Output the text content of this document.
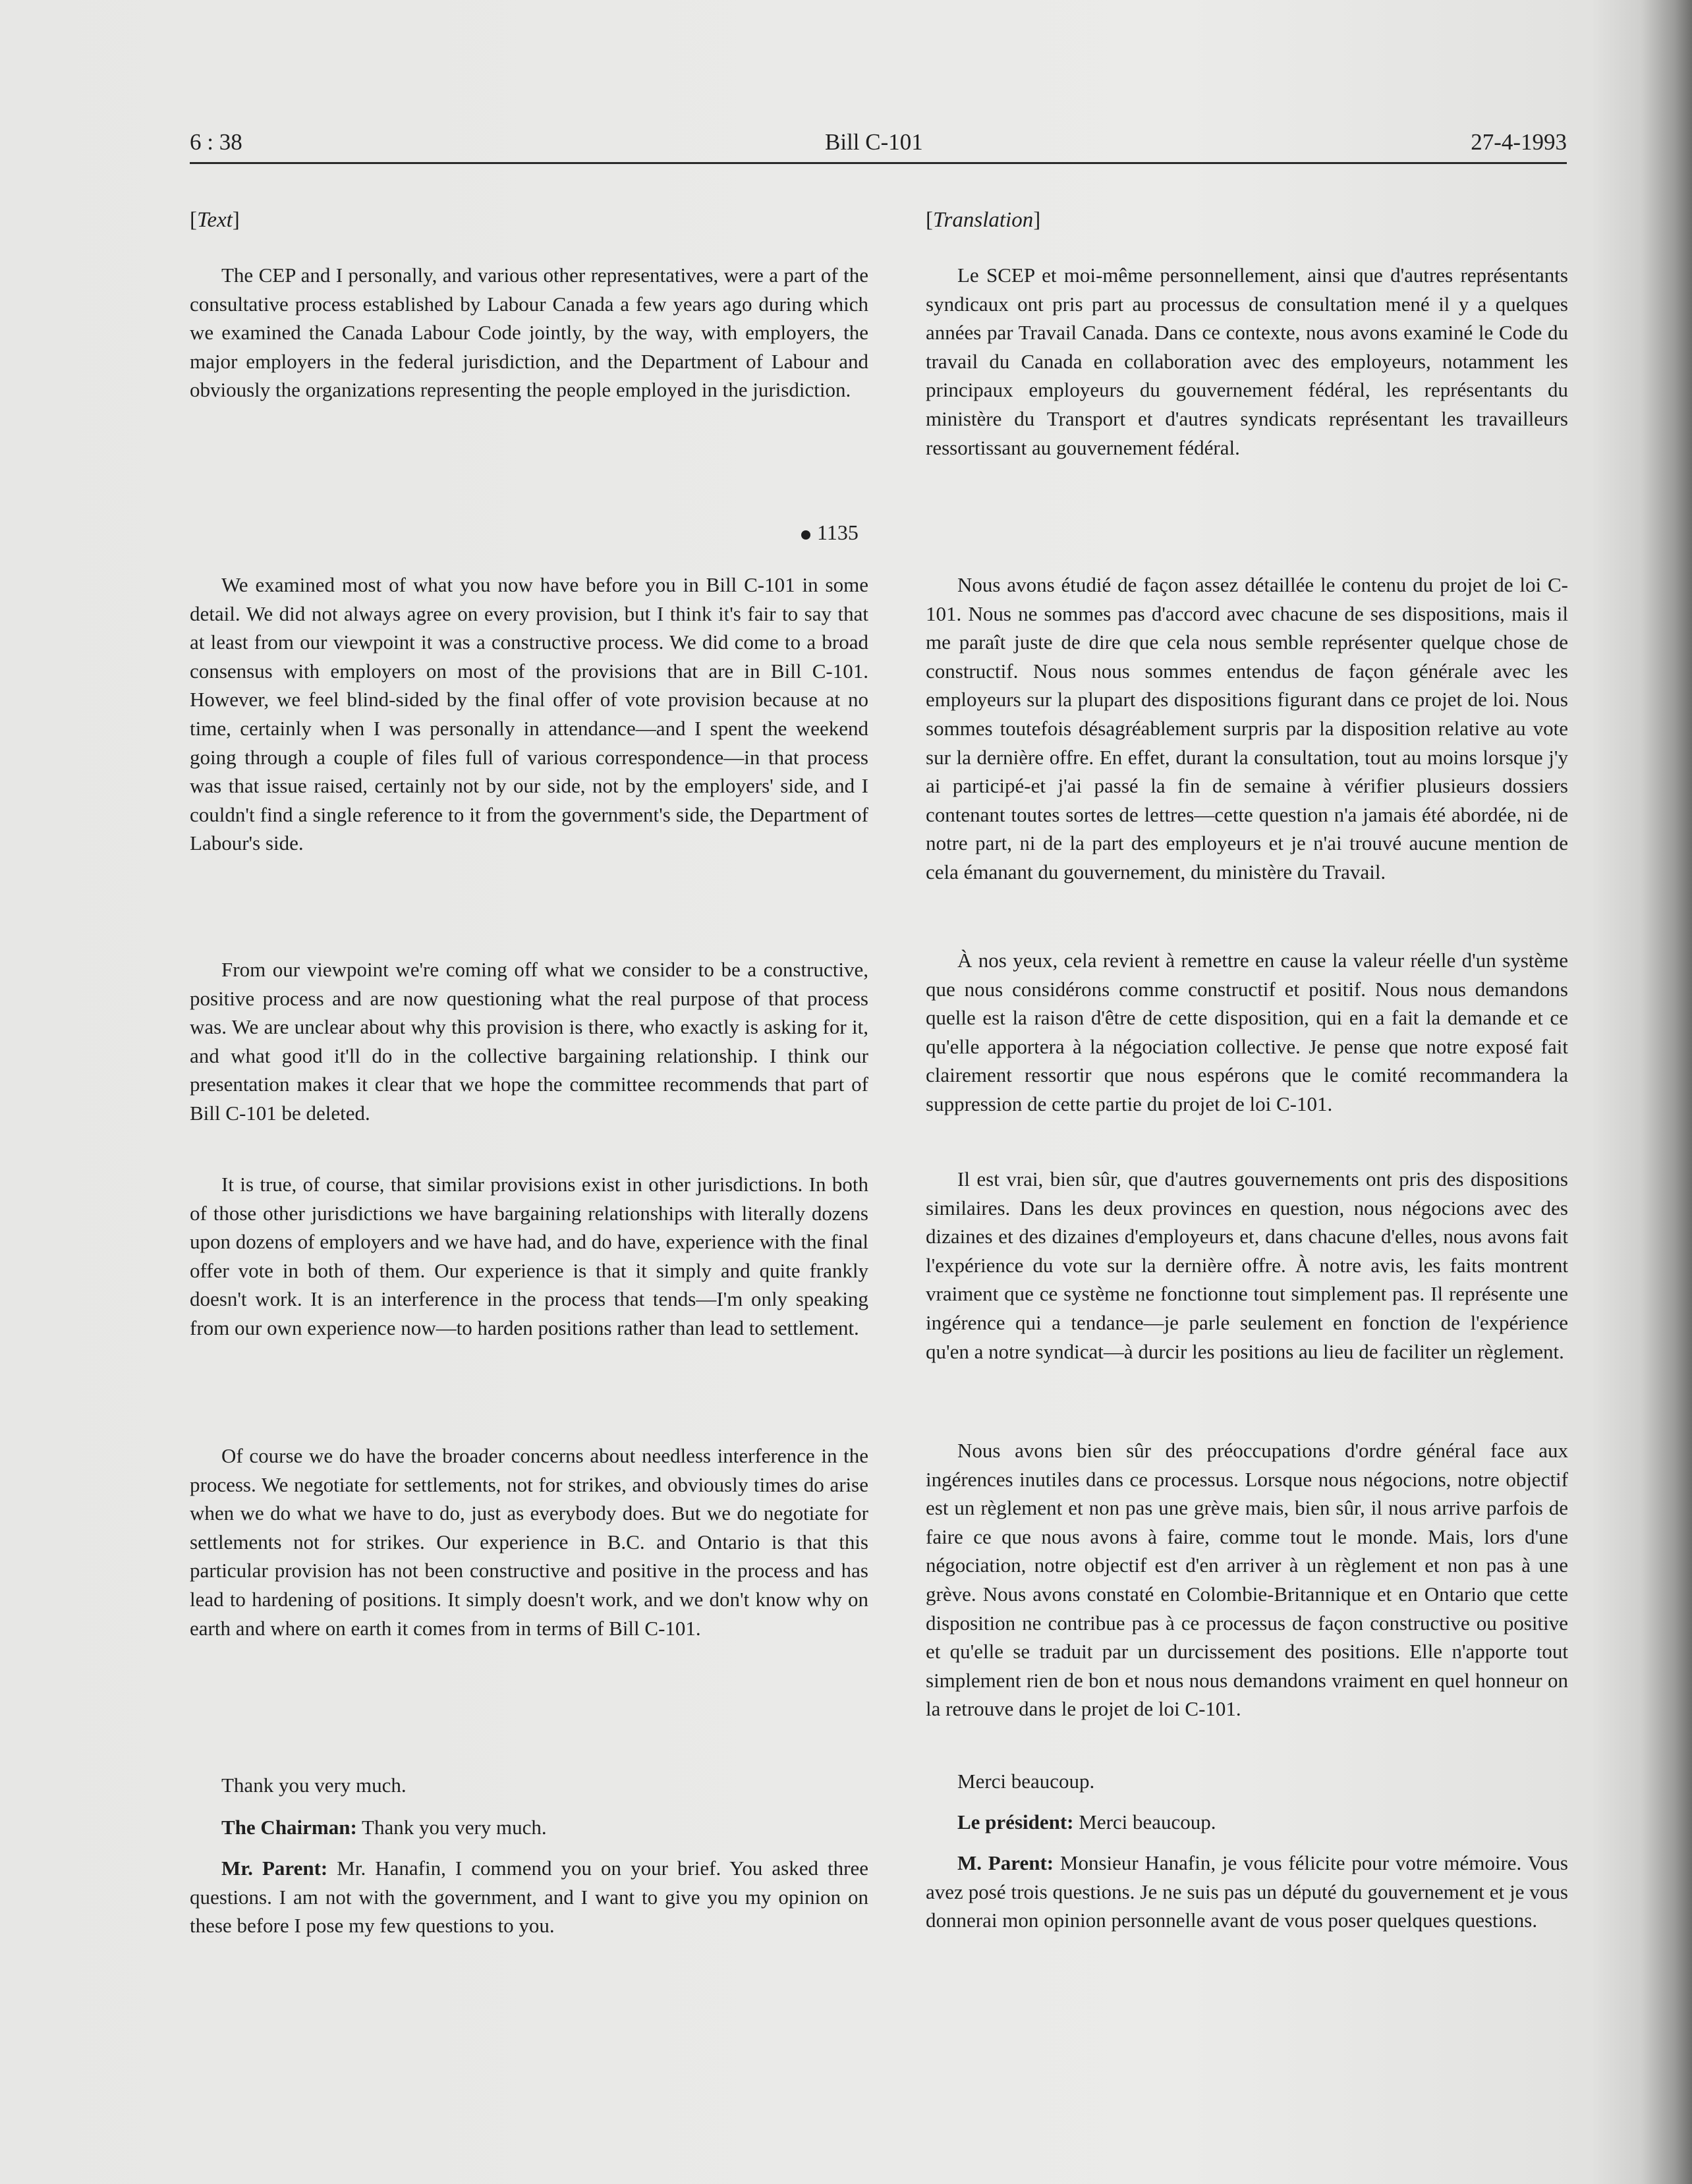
6 : 38	Bill C-101	27-4-1993

[Text]

The CEP and I personally, and various other representatives, were a part of the consultative process established by Labour Canada a few years ago during which we examined the Canada Labour Code jointly, by the way, with employers, the major employers in the federal jurisdiction, and the Department of Labour and obviously the organizations representing the people employed in the jurisdiction.

We examined most of what you now have before you in Bill C-101 in some detail. We did not always agree on every provision, but I think it's fair to say that at least from our viewpoint it was a constructive process. We did come to a broad consensus with employers on most of the provisions that are in Bill C-101. However, we feel blind-sided by the final offer of vote provision because at no time, certainly when I was personally in attendance—and I spent the weekend going through a couple of files full of various correspondence—in that process was that issue raised, certainly not by our side, not by the employers' side, and I couldn't find a single reference to it from the government's side, the Department of Labour's side.

From our viewpoint we're coming off what we consider to be a constructive, positive process and are now questioning what the real purpose of that process was. We are unclear about why this provision is there, who exactly is asking for it, and what good it'll do in the collective bargaining relationship. I think our presentation makes it clear that we hope the committee recommends that part of Bill C-101 be deleted.

It is true, of course, that similar provisions exist in other jurisdictions. In both of those other jurisdictions we have bargaining relationships with literally dozens upon dozens of employers and we have had, and do have, experience with the final offer vote in both of them. Our experience is that it simply and quite frankly doesn't work. It is an interference in the process that tends—I'm only speaking from our own experience now—to harden positions rather than lead to settlement.

Of course we do have the broader concerns about needless interference in the process. We negotiate for settlements, not for strikes, and obviously times do arise when we do what we have to do, just as everybody does. But we do negotiate for settlements not for strikes. Our experience in B.C. and Ontario is that this particular provision has not been constructive and positive in the process and has lead to hardening of positions. It simply doesn't work, and we don't know why on earth and where on earth it comes from in terms of Bill C-101.

Thank you very much.

The Chairman: Thank you very much.

Mr. Parent: Mr. Hanafin, I commend you on your brief. You asked three questions. I am not with the government, and I want to give you my opinion on these before I pose my few questions to you.

1135

[Translation]

Le SCEP et moi-même personnellement, ainsi que d'autres représentants syndicaux ont pris part au processus de consultation mené il y a quelques années par Travail Canada. Dans ce contexte, nous avons examiné le Code du travail du Canada en collaboration avec des employeurs, notamment les principaux employeurs du gouvernement fédéral, les représentants du ministère du Transport et d'autres syndicats représentant les travailleurs ressortissant au gouvernement fédéral.

Nous avons étudié de façon assez détaillée le contenu du projet de loi C-101. Nous ne sommes pas d'accord avec chacune de ses dispositions, mais il me paraît juste de dire que cela nous semble représenter quelque chose de constructif. Nous nous sommes entendus de façon générale avec les employeurs sur la plupart des dispositions figurant dans ce projet de loi. Nous sommes toutefois désagréablement surpris par la disposition relative au vote sur la dernière offre. En effet, durant la consultation, tout au moins lorsque j'y ai participé-et j'ai passé la fin de semaine à vérifier plusieurs dossiers contenant toutes sortes de lettres—cette question n'a jamais été abordée, ni de notre part, ni de la part des employeurs et je n'ai trouvé aucune mention de cela émanant du gouvernement, du ministère du Travail.

À nos yeux, cela revient à remettre en cause la valeur réelle d'un système que nous considérons comme constructif et positif. Nous nous demandons quelle est la raison d'être de cette disposition, qui en a fait la demande et ce qu'elle apportera à la négociation collective. Je pense que notre exposé fait clairement ressortir que nous espérons que le comité recommandera la suppression de cette partie du projet de loi C-101.

Il est vrai, bien sûr, que d'autres gouvernements ont pris des dispositions similaires. Dans les deux provinces en question, nous négocions avec des dizaines et des dizaines d'employeurs et, dans chacune d'elles, nous avons fait l'expérience du vote sur la dernière offre. À notre avis, les faits montrent vraiment que ce système ne fonctionne tout simplement pas. Il représente une ingérence qui a tendance—je parle seulement en fonction de l'expérience qu'en a notre syndicat—à durcir les positions au lieu de faciliter un règlement.

Nous avons bien sûr des préoccupations d'ordre général face aux ingérences inutiles dans ce processus. Lorsque nous négocions, notre objectif est un règlement et non pas une grève mais, bien sûr, il nous arrive parfois de faire ce que nous avons à faire, comme tout le monde. Mais, lors d'une négociation, notre objectif est d'en arriver à un règlement et non pas à une grève. Nous avons constaté en Colombie-Britannique et en Ontario que cette disposition ne contribue pas à ce processus de façon constructive ou positive et qu'elle se traduit par un durcissement des positions. Elle n'apporte tout simplement rien de bon et nous nous demandons vraiment en quel honneur on la retrouve dans le projet de loi C-101.

Merci beaucoup.

Le président: Merci beaucoup.

M. Parent: Monsieur Hanafin, je vous félicite pour votre mémoire. Vous avez posé trois questions. Je ne suis pas un député du gouvernement et je vous donnerai mon opinion personnelle avant de vous poser quelques questions.
